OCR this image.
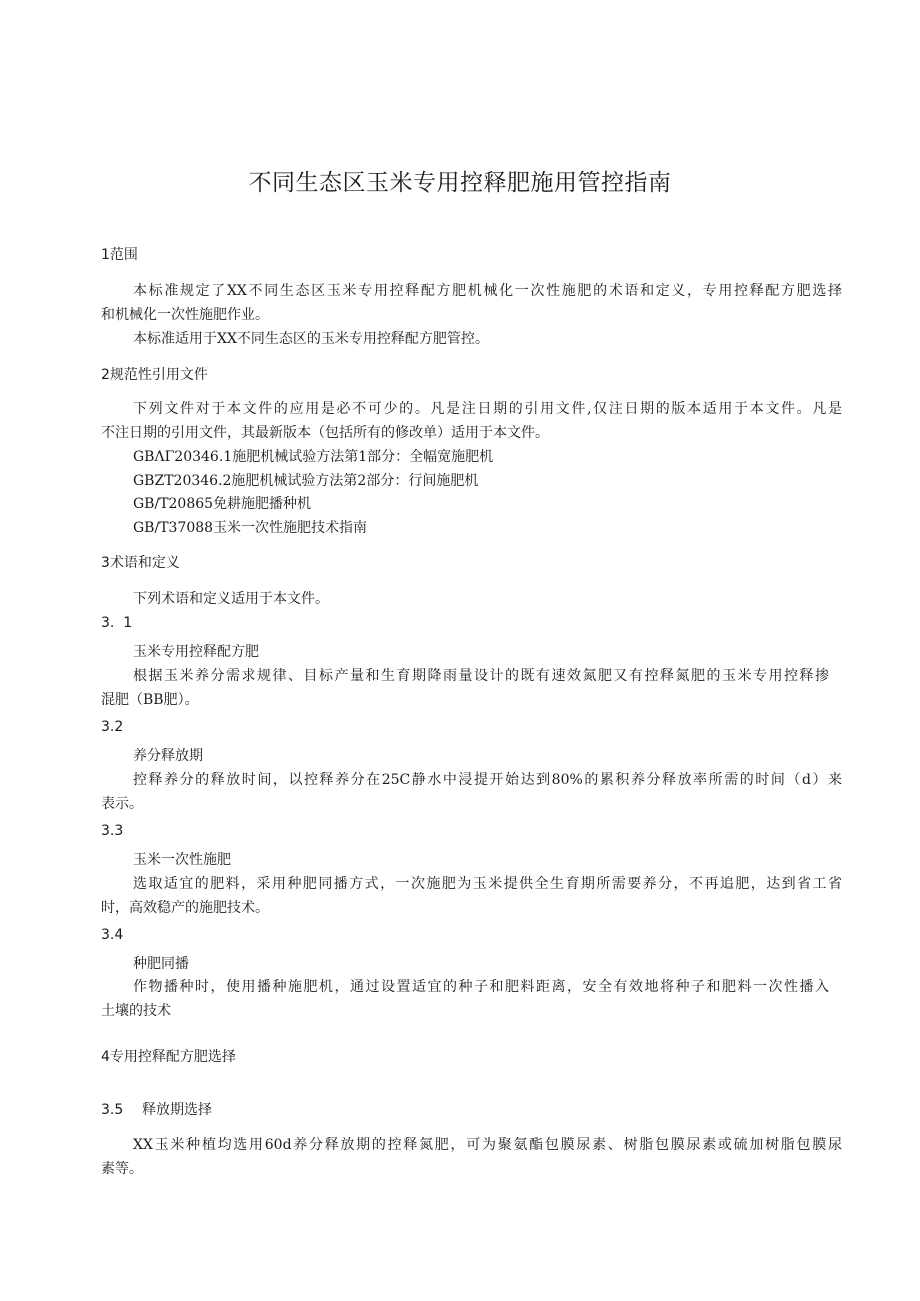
不同生态区玉米专用控释肥施用管控指南
1范围
本标准规定了XX不同生态区玉米专用控释配方肥机械化一次性施肥的术语和定义，专用控释配方肥选择
和机械化一次性施肥作业。
本标准适用于XX不同生态区的玉米专用控释配方肥管控。
2规范性引用文件
下列文件对于本文件的应用是必不可少的。凡是注日期的引用文件,仅注日期的版本适用于本文件。凡是
不注日期的引用文件，其最新版本（包括所有的修改单）适用于本文件。
GBΛΓ20346.1施肥机械试验方法第1部分：全幅宽施肥机
GBZT20346.2施肥机械试验方法第2部分：行间施肥机
GB/T20865免耕施肥播种机
GB/T37088玉米一次性施肥技术指南
3术语和定义
下列术语和定义适用于本文件。
3.  1
玉米专用控释配方肥
根据玉米养分需求规律、目标产量和生育期降雨量设计的既有速效氮肥又有控释氮肥的玉米专用控释掺
混肥（BB肥）。
3.2
养分释放期
控释养分的释放时间，以控释养分在25C静水中浸提开始达到80%的累积养分释放率所需的时间（d）来
表示。
3.3
玉米一次性施肥
选取适宜的肥料，采用种肥同播方式，一次施肥为玉米提供全生育期所需要养分，不再追肥，达到省工省
时，高效稳产的施肥技术。
3.4
种肥同播
作物播种时，使用播种施肥机，通过设置适宜的种子和肥料距离，安全有效地将种子和肥料一次性播入
土壤的技术
4专用控释配方肥选择
3.5 释放期选择
XX玉米种植均选用60d养分释放期的控释氮肥，可为聚氨酯包膜尿素、树脂包膜尿素或硫加树脂包膜尿
素等。
